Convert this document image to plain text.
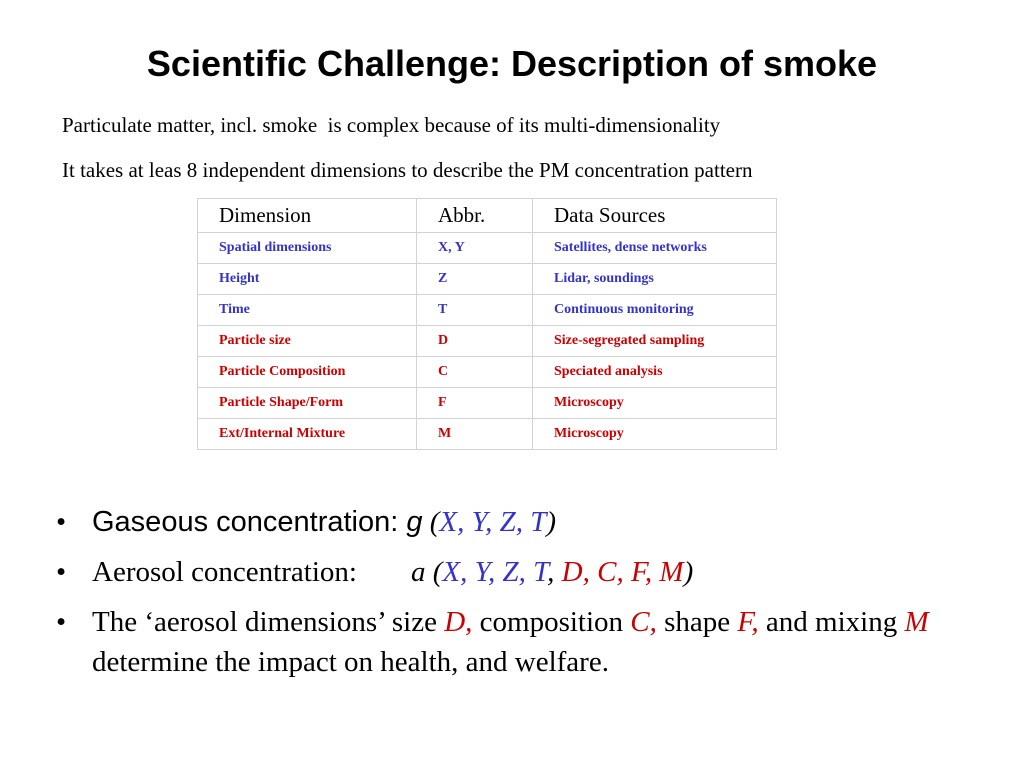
Scientific Challenge: Description of smoke
Particulate matter, incl. smoke  is complex because of its multi-dimensionality
It takes at leas 8 independent dimensions to describe the PM concentration pattern
Dimension	Abbr.	Data Sources
Spatial dimensions	X, Y	Satellites, dense networks
Height	Z	Lidar, soundings
Time	T	Continuous monitoring
Particle size	D	Size-segregated sampling
Particle Composition	C	Speciated analysis
Particle Shape/Form	F	Microscopy
Ext/Internal Mixture	M	Microscopy
• Gaseous concentration: g (X, Y, Z, T)
• Aerosol concentration: a (X, Y, Z, T, D, C, F, M)
• The ‘aerosol dimensions’ size D, composition C, shape F, and mixing M determine the impact on health, and welfare.
